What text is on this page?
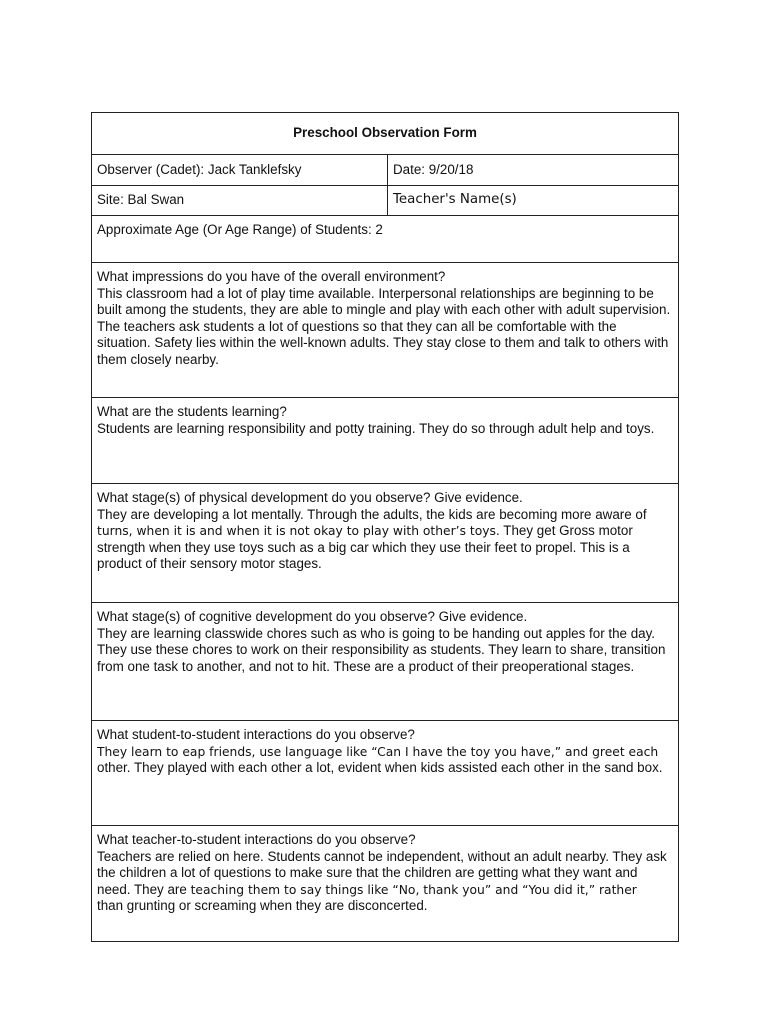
Preschool Observation Form	
Observer (Cadet): Jack Tanklefsky	Date: 9/20/18
Site: Bal Swan	Teacher's Name(s)
Approximate Age (Or Age Range) of Students: 2	

What impressions do you have of the overall environment?
This classroom had a lot of play time available. Interpersonal relationships are beginning to be built among the students, they are able to mingle and play with each other with adult supervision. The teachers ask students a lot of questions so that they can all be comfortable with the situation. Safety lies within the well-known adults. They stay close to them and talk to others with them closely nearby.	

What are the students learning?
Students are learning responsibility and potty training. They do so through adult help and toys.	

What stage(s) of physical development do you observe? Give evidence.
They are developing a lot mentally. Through the adults, the kids are becoming more aware of
turns, when it is and when it is not okay to play with other’s toys. They get Gross motor strength when they use toys such as a big car which they use their feet to propel. This is a product of their sensory motor stages.	

What stage(s) of cognitive development do you observe? Give evidence.
They are learning classwide chores such as who is going to be handing out apples for the day. They use these chores to work on their responsibility as students. They learn to share, transition from one task to another, and not to hit. These are a product of their preoperational stages.	

What student-to-student interactions do you observe?
They learn to eap friends, use language like “Can I have the toy you have,” and greet each
other. They played with each other a lot, evident when kids assisted each other in the sand box.	

What teacher-to-student interactions do you observe?
Teachers are relied on here. Students cannot be independent, without an adult nearby. They ask the children a lot of questions to make sure that the children are getting what they want and need. They are teaching them to say things like “No, thank you” and “You did it,” rather
than grunting or screaming when they are disconcerted.	
